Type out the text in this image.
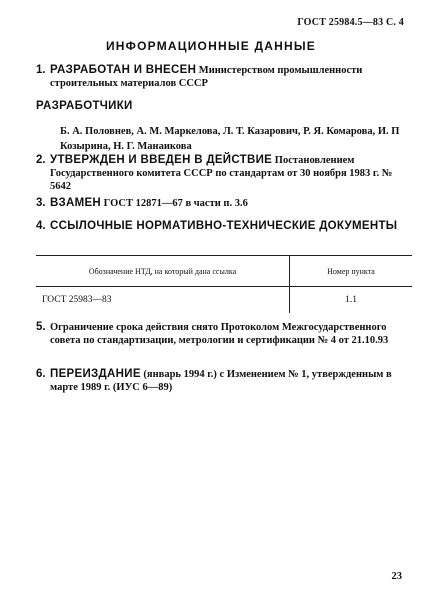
ГОСТ 25984.5—83 С. 4
ИНФОРМАЦИОННЫЕ ДАННЫЕ
1. РАЗРАБОТАН И ВНЕСЕН Министерством промышленности строительных материалов СССР
РАЗРАБОТЧИКИ
Б. А. Половнев, А. М. Маркелова, Л. Т. Казарович, Р. Я. Комарова, И. П Козырина, Н. Г. Манаикова
2. УТВЕРЖДЕН И ВВЕДЕН В ДЕЙСТВИЕ Постановлением Государственного комитета СССР по стандартам от 30 ноября 1983 г. № 5642
3. ВЗАМЕН ГОСТ 12871—67 в части п. 3.6
4. ССЫЛОЧНЫЕ НОРМАТИВНО-ТЕХНИЧЕСКИЕ ДОКУМЕНТЫ
Обозначение НТД, на который дана ссылка	Номер пункта
ГОСТ 25983—83	1.1
5. Ограничение срока действия снято Протоколом Межгосударственного совета по стандартизации, метрологии и сертификации № 4 от 21.10.93
6. ПЕРЕИЗДАНИЕ (январь 1994 г.) с Изменением № 1, утвержденным в марте 1989 г. (ИУС 6—89)
23
